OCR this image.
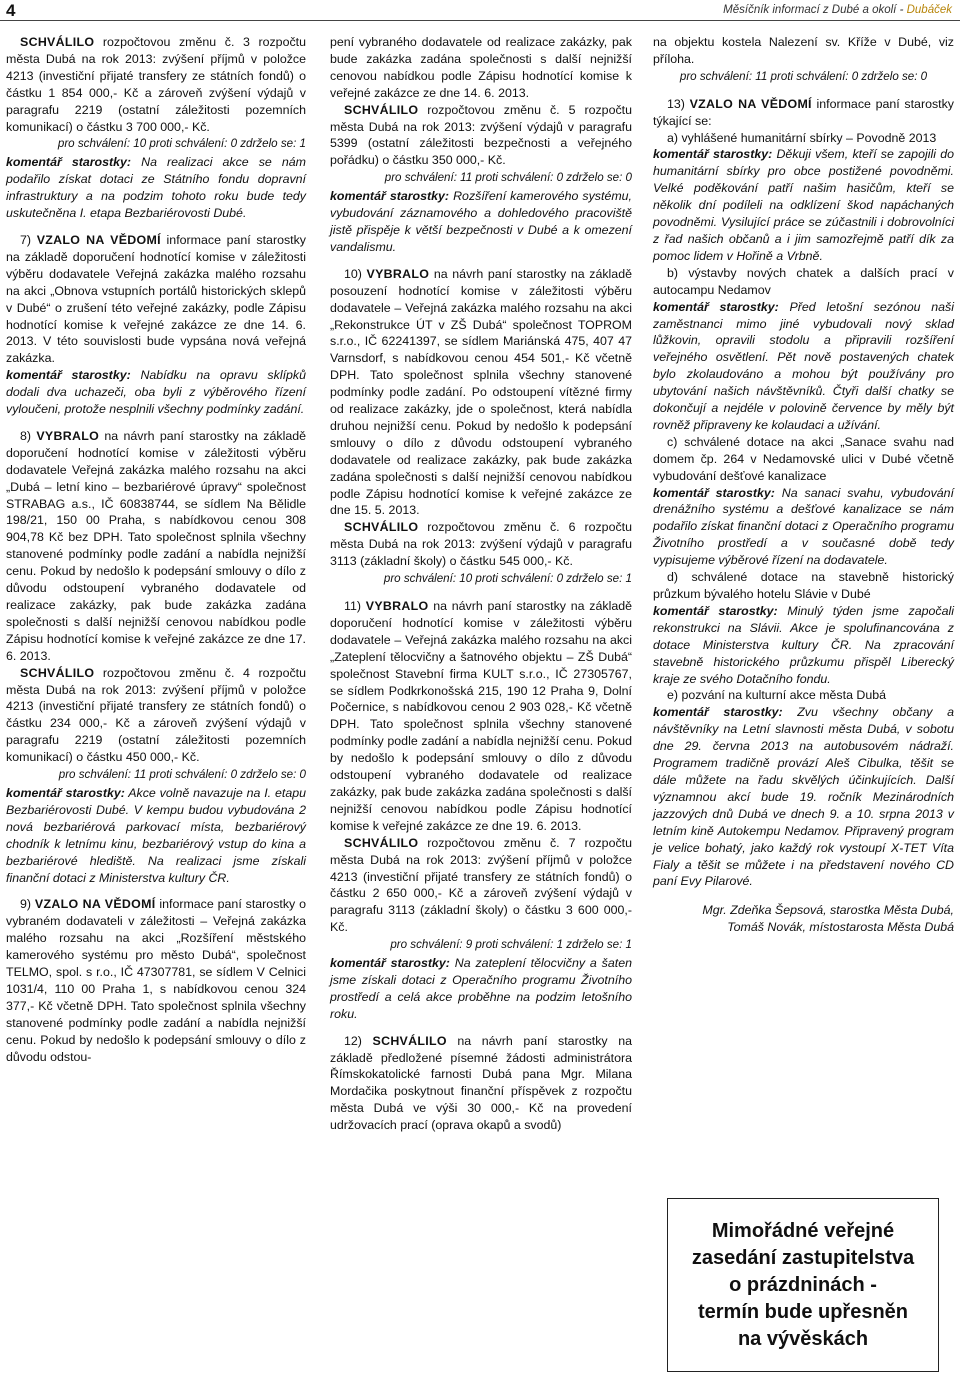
4	Měsíčník informací z Dubé a okolí - Dubáček

SCHVÁLILO rozpočtovou změnu č. 3 rozpočtu města Dubá na rok 2013: zvýšení příjmů v položce 4213 (investiční přijaté transfery ze státních fondů) o částku 1 854 000,- Kč a zároveň zvýšení výdajů v paragrafu 2219 (ostatní záležitosti pozemních komunikací) o částku 3 700 000,- Kč.

pro schválení: 10 proti schválení: 0 zdrželo se: 1

komentář starostky: Na realizaci akce se nám podařilo získat dotaci ze Státního fondu dopravní infrastruktury a na podzim tohoto roku bude tedy uskutečněna I. etapa Bezbariérovosti Dubé.

7) VZALO NA VĚDOMÍ informace paní starostky na základě doporučení hodnotící komise v záležitosti výběru dodavatele Veřejná zakázka malého rozsahu na akci „Obnova vstupních portálů historických sklepů v Dubé“ o zrušení této veřejné zakázky, podle Zápisu hodnotící komise k veřejné zakázce ze dne 14. 6. 2013. V této souvislosti bude vypsána nová veřejná zakázka.

komentář starostky: Nabídku na opravu sklípků dodali dva uchazeči, oba byli z výběrového řízení vyloučeni, protože nesplnili všechny podmínky zadání.

8) VYBRALO na návrh paní starostky na základě doporučení hodnotící komise v záležitosti výběru dodavatele Veřejná zakázka malého rozsahu na akci „Dubá – letní kino – bezbariérové úpravy“ společnost STRABAG a.s., IČ 60838744, se sídlem Na Bělidle 198/21, 150 00 Praha, s nabídkovou cenou 308 904,78 Kč bez DPH. Tato společnost splnila všechny stanovené podmínky podle zadání a nabídla nejnižší cenu. Pokud by nedošlo k podepsání smlouvy o dílo z důvodu odstoupení vybraného dodavatele od realizace zakázky, pak bude zakázka zadána společnosti s další nejnižší cenovou nabídkou podle Zápisu hodnotící komise k veřejné zakázce ze dne 17. 6. 2013.

SCHVÁLILO rozpočtovou změnu č. 4 rozpočtu města Dubá na rok 2013: zvýšení příjmů v položce 4213 (investiční přijaté transfery ze státních fondů) o částku 234 000,- Kč a zároveň zvýšení výdajů v paragrafu 2219 (ostatní záležitosti pozemních komunikací) o částku 450 000,- Kč.

pro schválení: 11 proti schválení: 0 zdrželo se: 0

komentář starostky: Akce volně navazuje na I. etapu Bezbariérovosti Dubé. V kempu budou vybudována 2 nová bezbariérová parkovací místa, bezbariérový chodník k letnímu kinu, bezbariérový vstup do kina a bezbariérové hlediště. Na realizaci jsme získali finanční dotaci z Ministerstva kultury ČR.

9) VZALO NA VĚDOMÍ informace paní starostky o vybraném dodavateli v záležitosti – Veřejná zakázka malého rozsahu na akci „Rozšíření městského kamerového systému pro město Dubá“, společnost TELMO, spol. s r.o., IČ 47307781, se sídlem V Celnici 1031/4, 110 00 Praha 1, s nabídkovou cenou 324 377,- Kč včetně DPH. Tato společnost splnila všechny stanovené podmínky podle zadání a nabídla nejnižší cenu. Pokud by nedošlo k podepsání smlouvy o dílo z důvodu odstou-

pení vybraného dodavatele od realizace zakázky, pak bude zakázka zadána společnosti s další nejnižší cenovou nabídkou podle Zápisu hodnotící komise k veřejné zakázce ze dne 14. 6. 2013.

SCHVÁLILO rozpočtovou změnu č. 5 rozpočtu města Dubá na rok 2013: zvýšení výdajů v paragrafu 5399 (ostatní záležitosti bezpečnosti a veřejného pořádku) o částku 350 000,- Kč.

pro schválení: 11 proti schválení: 0 zdrželo se: 0

komentář starostky: Rozšíření kamerového systému, vybudování záznamového a dohledového pracoviště jistě přispěje k větší bezpečnosti v Dubé a k omezení vandalismu.

10) VYBRALO na návrh paní starostky na základě posouzení hodnotící komise v záležitosti výběru dodavatele – Veřejná zakázka malého rozsahu na akci „Rekonstrukce ÚT v ZŠ Dubá“ společnost TOPROM s.r.o., IČ 62241397, se sídlem Mariánská 475, 407 47 Varnsdorf, s nabídkovou cenou 454 501,- Kč včetně DPH. Tato společnost splnila všechny stanovené podmínky podle zadání. Po odstoupení vítězné firmy od realizace zakázky, jde o společnost, která nabídla druhou nejnižší cenu. Pokud by nedošlo k podepsání smlouvy o dílo z důvodu odstoupení vybraného dodavatele od realizace zakázky, pak bude zakázka zadána společnosti s další nejnižší cenovou nabídkou podle Zápisu hodnotící komise k veřejné zakázce ze dne 15. 5. 2013.

SCHVÁLILO rozpočtovou změnu č. 6 rozpočtu města Dubá na rok 2013: zvýšení výdajů v paragrafu 3113 (základní školy) o částku 545 000,- Kč.

pro schválení: 10 proti schválení: 0 zdrželo se: 1

11) VYBRALO na návrh paní starostky na základě doporučení hodnotící komise v záležitosti výběru dodavatele – Veřejná zakázka malého rozsahu na akci „Zateplení tělocvičny a šatnového objektu – ZŠ Dubá“ společnost Stavební firma KULT s.r.o., IČ 27305767, se sídlem Podkrkonošská 215, 190 12 Praha 9, Dolní Počernice, s nabídkovou cenou 2 903 028,- Kč včetně DPH. Tato společnost splnila všechny stanovené podmínky podle zadání a nabídla nejnižší cenu. Pokud by nedošlo k podepsání smlouvy o dílo z důvodu odstoupení vybraného dodavatele od realizace zakázky, pak bude zakázka zadána společnosti s další nejnižší cenovou nabídkou podle Zápisu hodnotící komise k veřejné zakázce ze dne 19. 6. 2013.

SCHVÁLILO rozpočtovou změnu č. 7 rozpočtu města Dubá na rok 2013: zvýšení příjmů v položce 4213 (investiční přijaté transfery ze státních fondů) o částku 2 650 000,- Kč a zároveň zvýšení výdajů v paragrafu 3113 (základní školy) o částku 3 600 000,- Kč.

pro schválení: 9 proti schválení: 1 zdrželo se: 1

komentář starostky: Na zateplení tělocvičny a šaten jsme získali dotaci z Operačního programu Životního prostředí a celá akce proběhne na podzim letošního roku.

12) SCHVÁLILO na návrh paní starostky na základě předložené písemné žádosti administrátora Římskokatolické farnosti Dubá pana Mgr. Milana Mordačika poskytnout finanční příspěvek z rozpočtu města Dubá ve výši 30 000,- Kč na provedení udržovacích prací (oprava okapů a svodů)

na objektu kostela Nalezení sv. Kříže v Dubé, viz příloha.

pro schválení: 11 proti schválení: 0 zdrželo se: 0

13) VZALO NA VĚDOMÍ informace paní starostky týkající se:

a) vyhlášené humanitární sbírky – Povodně 2013

komentář starostky: Děkuji všem, kteří se zapojili do humanitární sbírky pro obce postižené povodněmi. Velké poděkování patří našim hasičům, kteří se několik dní podíleli na odklízení škod napáchaných povodněmi. Vysilující práce se zúčastnili i dobrovolníci z řad našich občanů a i jim samozřejmě patří dík za pomoc lidem v Hořině a Vrbně.

b) výstavby nových chatek a dalších prací v autocampu Nedamov

komentář starostky: Před letošní sezónou naši zaměstnanci mimo jiné vybudovali nový sklad lůžkovin, opravili stodolu a připravili rozšíření veřejného osvětlení. Pět nově postavených chatek bylo zkolaudováno a mohou být používány pro ubytování našich návštěvníků. Čtyři další chatky se dokončují a nejdéle v polovině července by měly být rovněž připraveny ke kolaudaci a užívání.

c) schválené dotace na akci „Sanace svahu nad domem čp. 264 v Nedamovské ulici v Dubé včetně vybudování dešťové kanalizace

komentář starostky: Na sanaci svahu, vybudování drenážního systému a dešťové kanalizace se nám podařilo získat finanční dotaci z Operačního programu Životního prostředí a v současné době tedy vypisujeme výběrové řízení na dodavatele.

d) schválené dotace na stavebně historický průzkum bývalého hotelu Slávie v Dubé

komentář starostky: Minulý týden jsme započali rekonstrukci na Slávii. Akce je spolufinancována z dotace Ministerstva kultury ČR. Na zpracování stavebně historického průzkumu přispěl Liberecký kraje ze svého Dotačního fondu.

e) pozvání na kulturní akce města Dubá

komentář starostky: Zvu všechny občany a návštěvníky na Letní slavnosti města Dubá, v sobotu dne 29. června 2013 na autobusovém nádraží. Programem tradičně provází Aleš Cibulka, těšit se dále můžete na řadu skvělých účinkujících. Další významnou akcí bude 19. ročník Mezinárodních jazzových dnů Dubá ve dnech 9. a 10. srpna 2013 v letním kině Autokempu Nedamov. Připravený program je velice bohatý, jako každý rok vystoupí X-TET Víta Fialy a těšit se můžete i na představení nového CD paní Evy Pilarové.

Mgr. Zdeňka Šepsová, starostka Města Dubá,
Tomáš Novák, místostarosta Města Dubá
Mimořádné veřejné
zasedání zastupitelstva
o prázdninách -
termín bude upřesněn
na vývěskách
